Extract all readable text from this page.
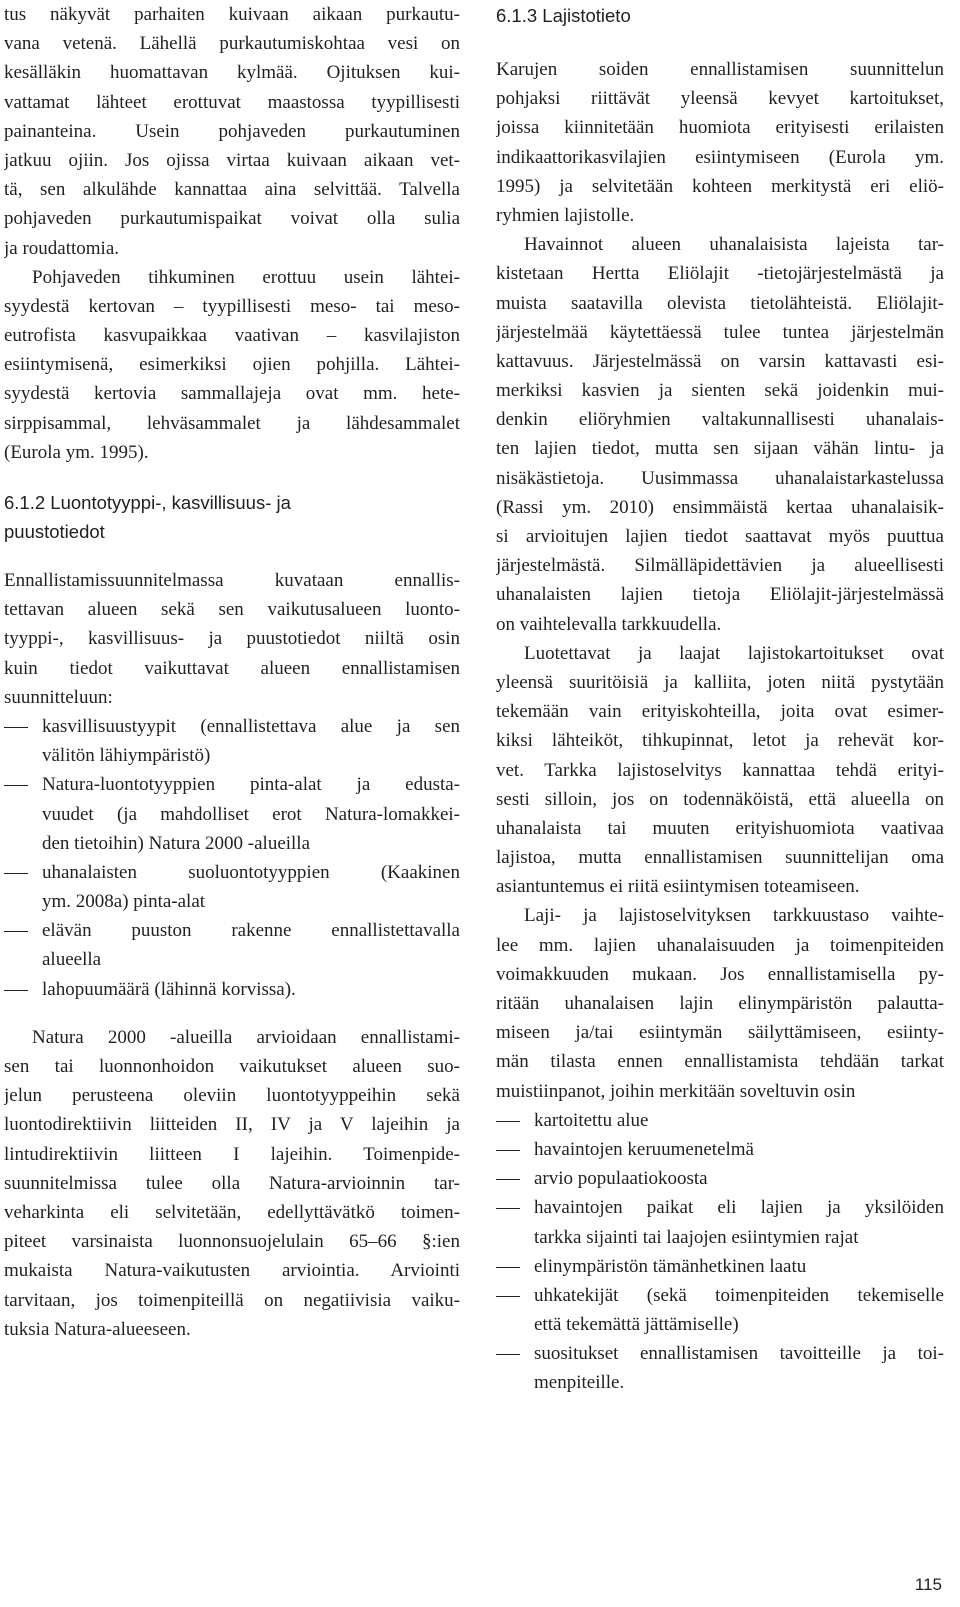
tus näkyvät parhaiten kuivaan aikaan purkautu-
vana vetenä. Lähellä purkautumiskohtaa vesi on
kesälläkin huomattavan kylmää. Ojituksen kui-
vattamat lähteet erottuvat maastossa tyypillisesti
painanteina. Usein pohjaveden purkautuminen
jatkuu ojiin. Jos ojissa virtaa kuivaan aikaan vet-
tä, sen alkulähde kannattaa aina selvittää. Talvella
pohjaveden purkautumispaikat voivat olla sulia
ja roudattomia.
Pohjaveden tihkuminen erottuu usein lähtei-
syydestä kertovan – tyypillisesti meso- tai meso-
eutrofista kasvupaikkaa vaativan – kasvilajiston
esiintymisenä, esimerkiksi ojien pohjilla. Lähtei-
syydestä kertovia sammallajeja ovat mm. hete-
sirppisammal, lehväsammalet ja lähdesammalet
(Eurola ym. 1995).
6.1.2 Luontotyyppi-, kasvillisuus- ja
puustotiedot
Ennallistamissuunnitelmassa kuvataan ennallis-
tettavan alueen sekä sen vaikutusalueen luonto-
tyyppi-, kasvillisuus- ja puustotiedot niiltä osin
kuin tiedot vaikuttavat alueen ennallistamisen
suunnitteluun:
kasvillisuustyypit (ennallistettava alue ja sen
välitön lähiympäristö)
Natura-luontotyyppien pinta-alat ja edusta-
vuudet (ja mahdolliset erot Natura-lomakkei-
den tietoihin) Natura 2000 -alueilla
uhanalaisten suoluontotyyppien (Kaakinen
ym. 2008a) pinta-alat
elävän puuston rakenne ennallistettavalla
alueella
lahopuumäärä (lähinnä korvissa).
Natura 2000 -alueilla arvioidaan ennallistami-
sen tai luonnonhoidon vaikutukset alueen suo-
jelun perusteena oleviin luontotyyppeihin sekä
luontodirektiivin liitteiden II, IV ja V lajeihin ja
lintudirektiivin liitteen I lajeihin. Toimenpide-
suunnitelmissa tulee olla Natura-arvioinnin tar-
veharkinta eli selvitetään, edellyttävätkö toimen-
piteet varsinaista luonnonsuojelulain 65–66 §:ien
mukaista Natura-vaikutusten arviointia. Arviointi
tarvitaan, jos toimenpiteillä on negatiivisia vaiku-
tuksia Natura-alueeseen.
6.1.3 Lajistotieto
Karujen soiden ennallistamisen suunnittelun
pohjaksi riittävät yleensä kevyet kartoitukset,
joissa kiinnitetään huomiota erityisesti erilaisten
indikaattorikasvilajien esiintymiseen (Eurola ym.
1995) ja selvitetään kohteen merkitystä eri eliö-
ryhmien lajistolle.
Havainnot alueen uhanalaisista lajeista tar-
kistetaan Hertta Eliölajit -tietojärjestelmästä ja
muista saatavilla olevista tietolähteistä. Eliölajit-
järjestelmää käytettäessä tulee tuntea järjestelmän
kattavuus. Järjestelmässä on varsin kattavasti esi-
merkiksi kasvien ja sienten sekä joidenkin mui-
denkin eliöryhmien valtakunnallisesti uhanalais-
ten lajien tiedot, mutta sen sijaan vähän lintu- ja
nisäkästietoja. Uusimmassa uhanalaistarkastelussa
(Rassi ym. 2010) ensimmäistä kertaa uhanalaisik-
si arvioitujen lajien tiedot saattavat myös puuttua
järjestelmästä. Silmälläpidettävien ja alueellisesti
uhanalaisten lajien tietoja Eliölajit-järjestelmässä
on vaihtelevalla tarkkuudella.
Luotettavat ja laajat lajistokartoitukset ovat
yleensä suuritöisiä ja kalliita, joten niitä pystytään
tekemään vain erityiskohteilla, joita ovat esimer-
kiksi lähteiköt, tihkupinnat, letot ja rehevät kor-
vet. Tarkka lajistoselvitys kannattaa tehdä erityi-
sesti silloin, jos on todennäköistä, että alueella on
uhanalaista tai muuten erityishuomiota vaativaa
lajistoa, mutta ennallistamisen suunnittelijan oma
asiantuntemus ei riitä esiintymisen toteamiseen.
Laji- ja lajistoselvityksen tarkkuustaso vaihte-
lee mm. lajien uhanalaisuuden ja toimenpiteiden
voimakkuuden mukaan. Jos ennallistamisella py-
ritään uhanalaisen lajin elinympäristön palautta-
miseen ja/tai esiintymän säilyttämiseen, esiinty-
män tilasta ennen ennallistamista tehdään tarkat
muistiinpanot, joihin merkitään soveltuvin osin
kartoitettu alue
havaintojen keruumenetelmä
arvio populaatiokoosta
havaintojen paikat eli lajien ja yksilöiden
tarkka sijainti tai laajojen esiintymien rajat
elinympäristön tämänhetkinen laatu
uhkatekijät (sekä toimenpiteiden tekemiselle
että tekemättä jättämiselle)
suositukset ennallistamisen tavoitteille ja toi-
menpiteille.
115
